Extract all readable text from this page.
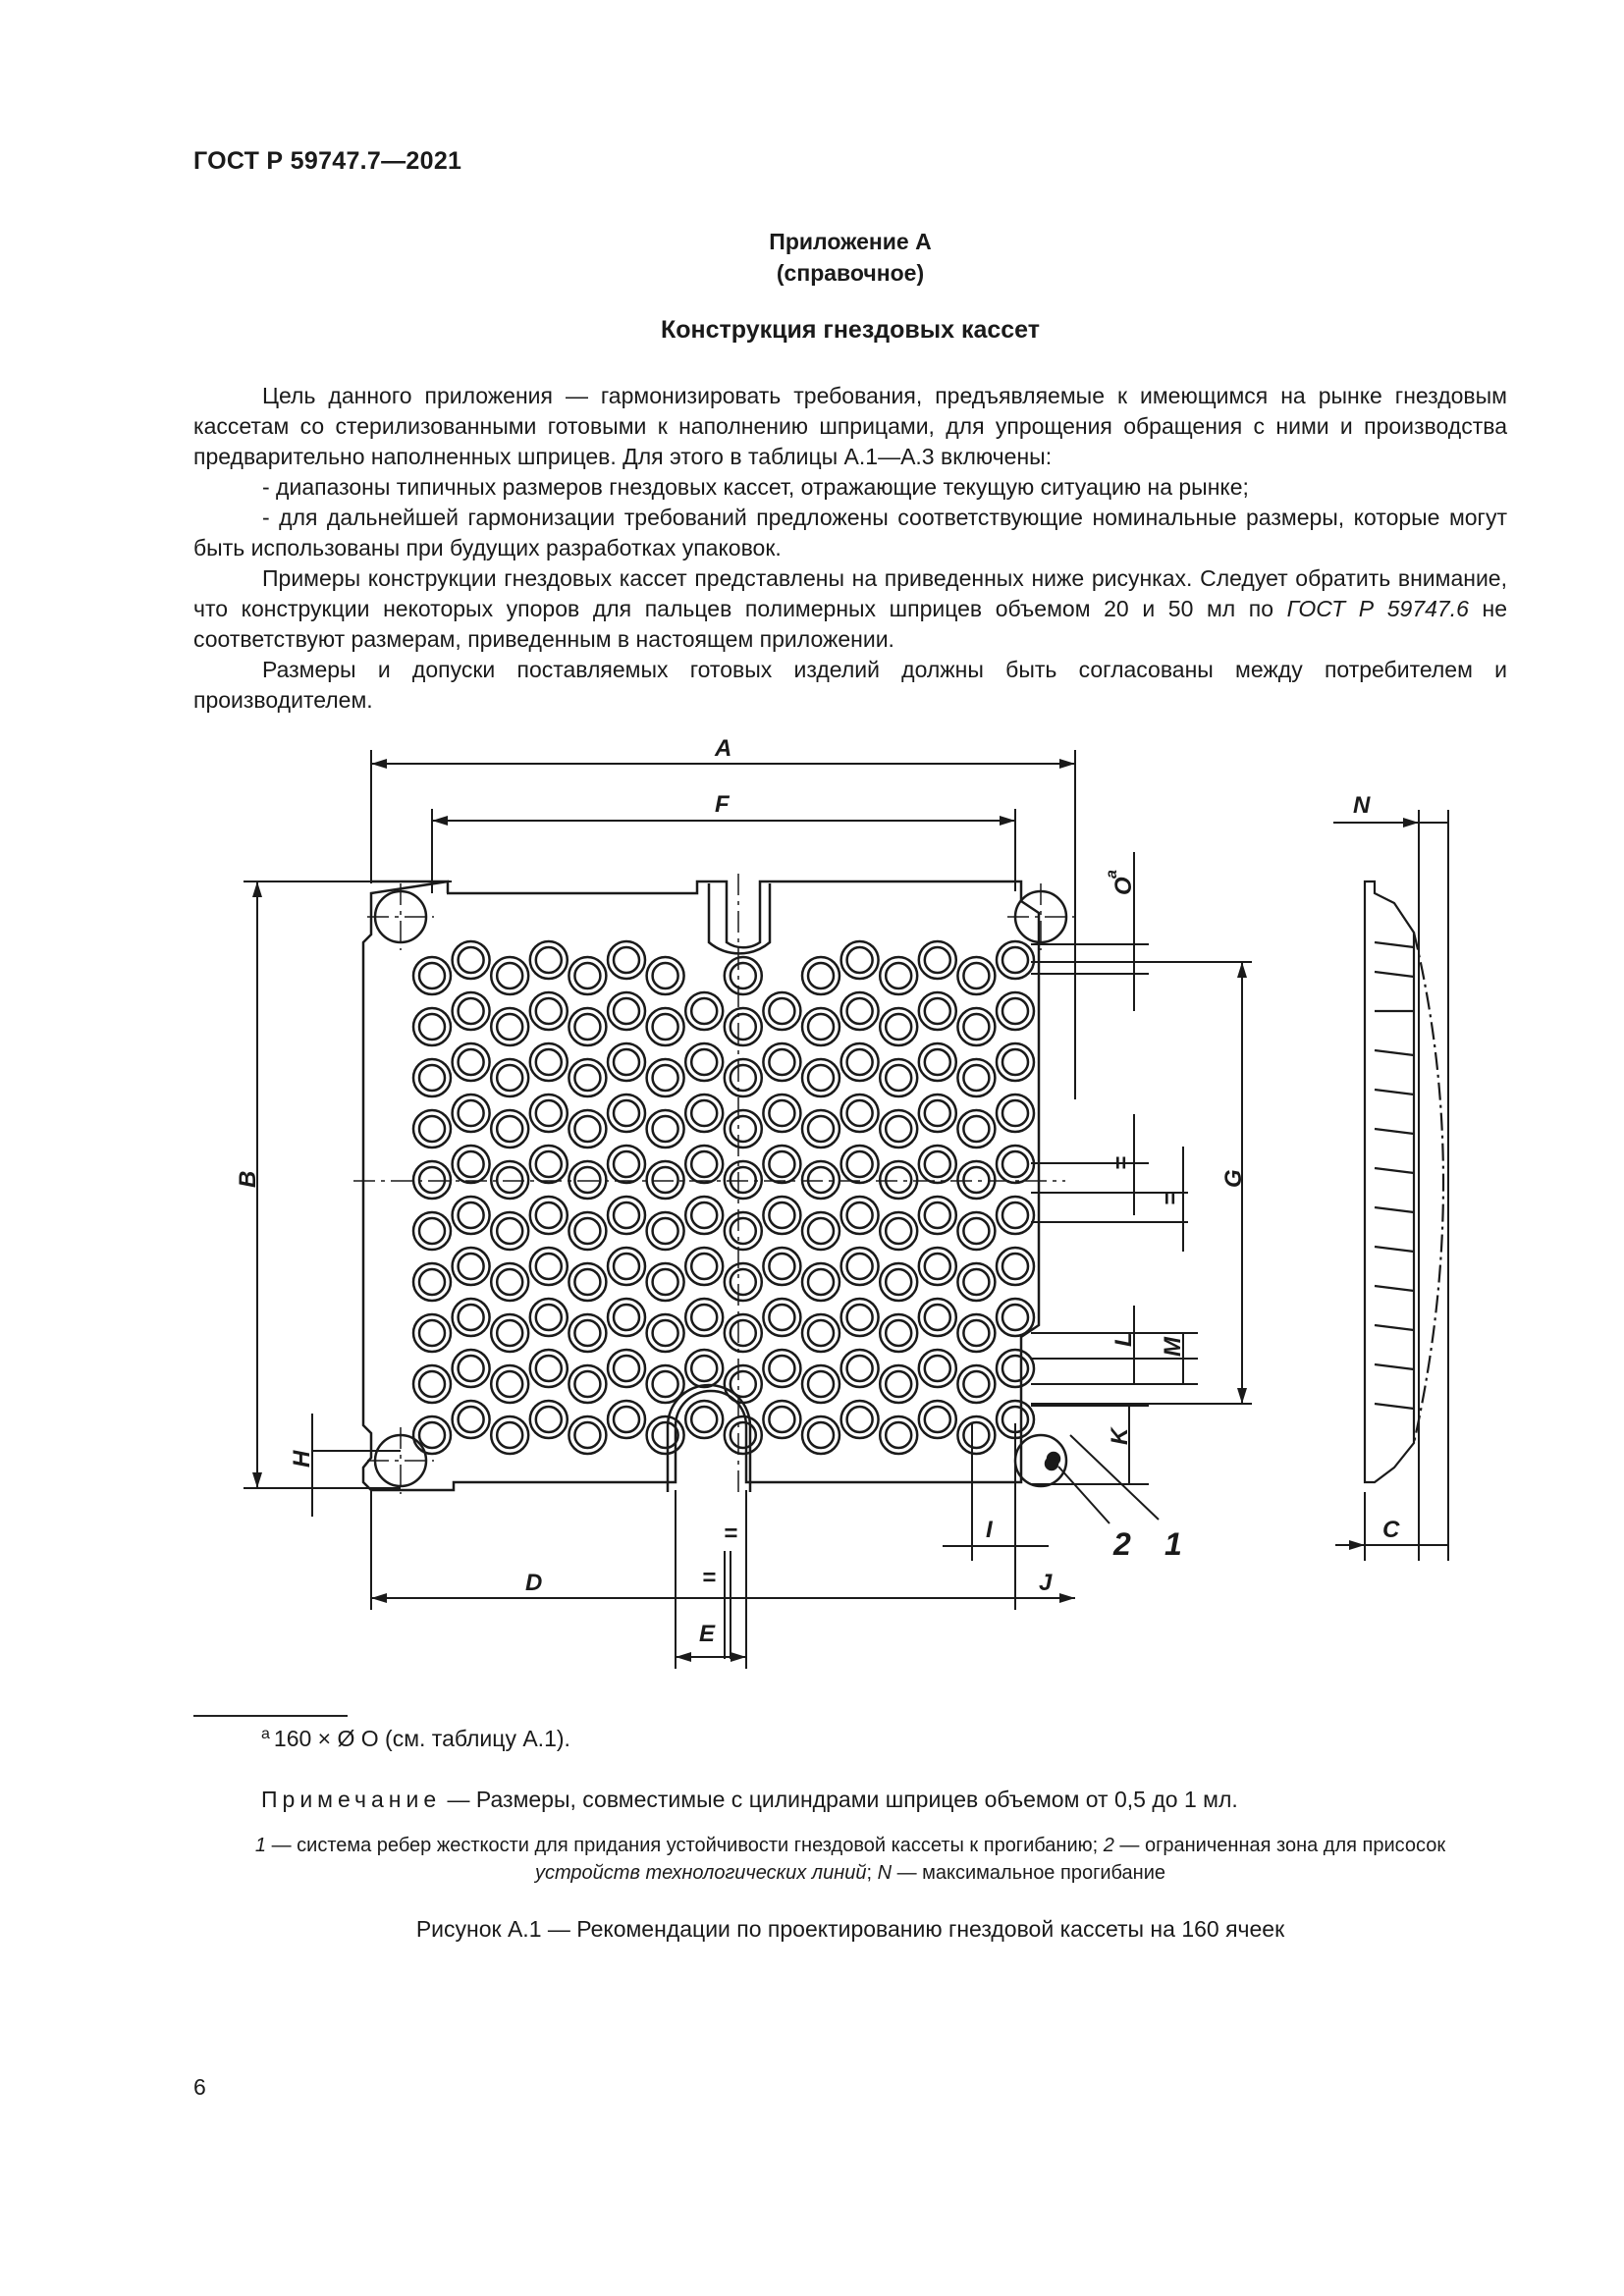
ГОСТ Р 59747.7—2021
Приложение А
(справочное)
Конструкция гнездовых кассет

Цель данного приложения — гармонизировать требования, предъявляемые к имеющимся на рынке гнездовым кассетам со стерилизованными готовыми к наполнению шприцами, для упрощения обращения с ними и производства предварительно наполненных шприцев. Для этого в таблицы А.1—А.3 включены:

- диапазоны типичных размеров гнездовых кассет, отражающие текущую ситуацию на рынке;

- для дальнейшей гармонизации требований предложены соответствующие номинальные размеры, которые могут быть использованы при будущих разработках упаковок.

Примеры конструкции гнездовых кассет представлены на приведенных ниже рисунках. Следует обратить внимание, что конструкции некоторых упоров для пальцев полимерных шприцев объемом 20 и 50 мл по ГОСТ Р 59747.6 не соответствуют размерам, приведенным в настоящем приложении.

Размеры и допуски поставляемых готовых изделий должны быть согласованы между потребителем и производителем.

A
F
B	G
D
E
H
I
J
K
L M
N
C
O
a
=
=
=
=
1
2
$^a$ 160 × Ø O (см. таблицу А.1).
Примечание — Размеры, совместимые с цилиндрами шприцев объемом от 0,5 до 1 мл.
1 — система ребер жесткости для придания устойчивости гнездовой кассеты к прогибанию; 2 — ограниченная зона для присосок
устройств технологических линий; N — максимальное прогибание
Рисунок А.1 — Рекомендации по проектированию гнездовой кассеты на 160 ячеек
6
